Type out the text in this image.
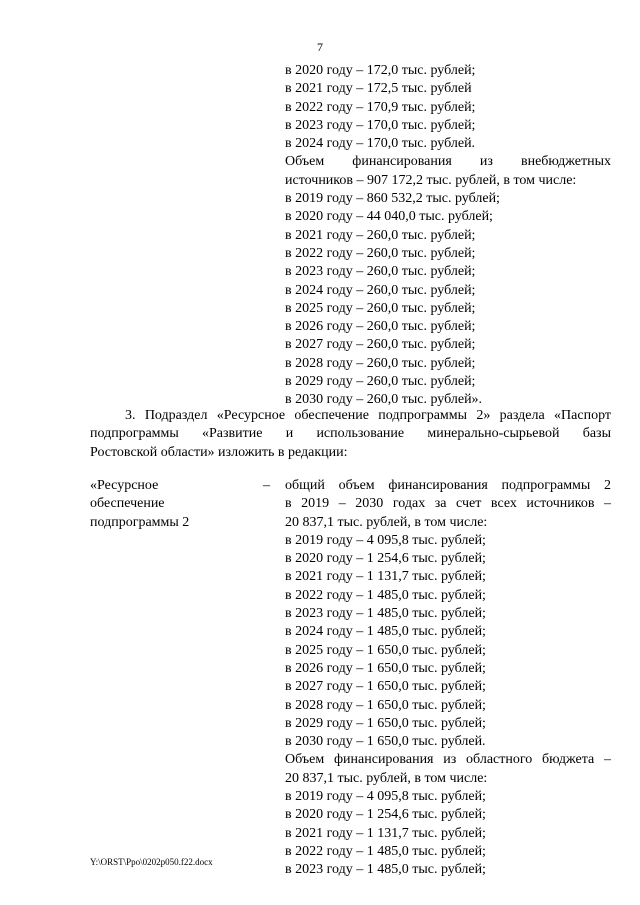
7
в 2020 году – 172,0 тыс. рублей;
в 2021 году – 172,5 тыс. рублей
в 2022 году – 170,9 тыс. рублей;
в 2023 году – 170,0 тыс. рублей;
в 2024 году – 170,0 тыс. рублей.
Объем финансирования из внебюджетных
источников – 907 172,2 тыс. рублей, в том числе:
в 2019 году – 860 532,2 тыс. рублей;
в 2020 году – 44 040,0 тыс. рублей;
в 2021 году – 260,0 тыс. рублей;
в 2022 году – 260,0 тыс. рублей;
в 2023 году – 260,0 тыс. рублей;
в 2024 году – 260,0 тыс. рублей;
в 2025 году – 260,0 тыс. рублей;
в 2026 году – 260,0 тыс. рублей;
в 2027 году – 260,0 тыс. рублей;
в 2028 году – 260,0 тыс. рублей;
в 2029 году – 260,0 тыс. рублей;
в 2030 году – 260,0 тыс. рублей».
3. Подраздел «Ресурсное обеспечение подпрограммы 2» раздела «Паспорт
подпрограммы «Развитие и использование минерально-сырьевой базы
Ростовской области» изложить в редакции:
«Ресурсное	–
обеспечение
подпрограммы 2
общий объем финансирования подпрограммы 2
в 2019 – 2030 годах за счет всех источников –
20 837,1 тыс. рублей, в том числе:
в 2019 году – 4 095,8 тыс. рублей;
в 2020 году – 1 254,6 тыс. рублей;
в 2021 году – 1 131,7 тыс. рублей;
в 2022 году – 1 485,0 тыс. рублей;
в 2023 году – 1 485,0 тыс. рублей;
в 2024 году – 1 485,0 тыс. рублей;
в 2025 году – 1 650,0 тыс. рублей;
в 2026 году – 1 650,0 тыс. рублей;
в 2027 году – 1 650,0 тыс. рублей;
в 2028 году – 1 650,0 тыс. рублей;
в 2029 году – 1 650,0 тыс. рублей;
в 2030 году – 1 650,0 тыс. рублей.
Объем финансирования из областного бюджета –
20 837,1 тыс. рублей, в том числе:
в 2019 году – 4 095,8 тыс. рублей;
в 2020 году – 1 254,6 тыс. рублей;
в 2021 году – 1 131,7 тыс. рублей;
в 2022 году – 1 485,0 тыс. рублей;
в 2023 году – 1 485,0 тыс. рублей;
Y:\ORST\Ppo\0202p050.f22.docx
